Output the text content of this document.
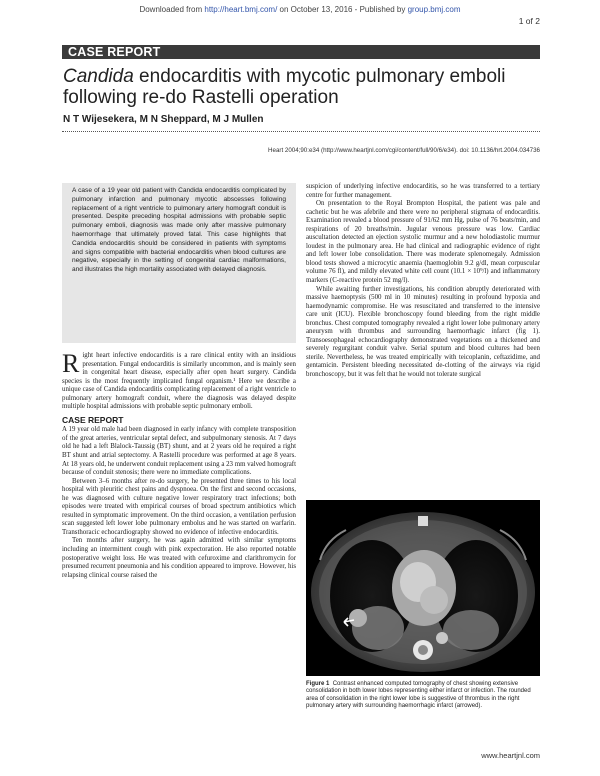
Downloaded from http://heart.bmj.com/ on October 13, 2016 - Published by group.bmj.com
1 of 2
CASE REPORT
Candida endocarditis with mycotic pulmonary emboli following re-do Rastelli operation
N T Wijesekera, M N Sheppard, M J Mullen
Heart 2004;90:e34 (http://www.heartjnl.com/cgi/content/full/90/6/e34). doi: 10.1136/hrt.2004.034736
A case of a 19 year old patient with Candida endocarditis complicated by pulmonary infarction and pulmonary mycotic abscesses following replacement of a right ventricle to pulmonary artery homograft conduit is presented. Despite preceding hospital admissions with probable septic pulmonary emboli, diagnosis was made only after massive pulmonary haemorrhage that ultimately proved fatal. This case highlights that Candida endocarditis should be considered in patients with symptoms and signs compatible with bacterial endocarditis when blood cultures are negative, especially in the setting of congenital cardiac malformations, and illustrates the high mortality associated with delayed diagnosis.

Right heart infective endocarditis is a rare clinical entity with an insidious presentation. Fungal endocarditis is similarly uncommon, and is mainly seen in congenital heart disease, especially after open heart surgery. Candida species is the most frequently implicated fungal organism.¹ Here we describe a unique case of Candida endocarditis complicating replacement of a right ventricle to pulmonary artery homograft conduit, where the diagnosis was delayed despite multiple hospital admissions with probable septic pulmonary emboli.

CASE REPORT

A 19 year old male had been diagnosed in early infancy with complete transposition of the great arteries, ventricular septal defect, and subpulmonary stenosis. At 7 days old he had a left Blalock-Taussig (BT) shunt, and at 2 years old he required a right BT shunt and atrial septectomy. A Rastelli procedure was performed at age 8 years. At 18 years old, he underwent conduit replacement using a 23 mm valved homograft because of conduit stenosis; there were no immediate complications.

Between 3–6 months after re-do surgery, he presented three times to his local hospital with pleuritic chest pains and dyspnoea. On the first and second occasions, he was diagnosed with culture negative lower respiratory tract infections; both episodes were treated with empirical courses of broad spectrum antibiotics which resulted in symptomatic improvement. On the third occasion, a ventilation perfusion scan suggested left lower lobe pulmonary embolus and he was started on warfarin. Transthoracic echocardiography showed no evidence of infective endocarditis.

Ten months after surgery, he was again admitted with similar symptoms including an intermittent cough with pink expectoration. He also reported notable postoperative weight loss. He was treated with cefuroxime and clarithromycin for presumed recurrent pneumonia and his condition appeared to improve. However, his relapsing clinical course raised the

suspicion of underlying infective endocarditis, so he was transferred to a tertiary centre for further management.

On presentation to the Royal Brompton Hospital, the patient was pale and cachetic but he was afebrile and there were no peripheral stigmata of endocarditis. Examination revealed a blood pressure of 91/62 mm Hg, pulse of 76 beats/min, and respirations of 20 breaths/min. Jugular venous pressure was low. Cardiac auscultation detected an ejection systolic murmur and a new holodiastolic murmur loudest in the pulmonary area. He had clinical and radiographic evidence of right and left lower lobe consolidation. There was moderate splenomegaly. Admission blood tests showed a microcytic anaemia (haemoglobin 9.2 g/dl, mean corpuscular volume 76 fl), and mildly elevated white cell count (10.1 × 10⁹/l) and inflammatory markers (C-reactive protein 52 mg/l).

While awaiting further investigations, his condition abruptly deteriorated with massive haemoptysis (500 ml in 10 minutes) resulting in profound hypoxia and haemodynamic compromise. He was resuscitated and transferred to the intensive care unit (ICU). Flexible bronchoscopy found bleeding from the right middle bronchus. Chest computed tomography revealed a right lower lobe pulmonary artery aneurysm with thrombus and surrounding haemorrhagic infarct (fig 1). Transoesophageal echocardiography demonstrated vegetations on a thickened and severely regurgitant conduit valve. Serial sputum and blood cultures had been sterile. Nevertheless, he was treated empirically with teicoplanin, ceftazidime, and gentamicin. Persistent bleeding necessitated de-clotting of the airways via rigid bronchoscopy, but it was felt that he would not tolerate surgical

Figure 1 Contrast enhanced computed tomography of chest showing extensive consolidation in both lower lobes representing either infarct or infection. The rounded area of consolidation in the right lower lobe is suggestive of thrombus in the right pulmonary artery with surrounding haemorrhagic infarct (arrowed).
www.heartjnl.com
